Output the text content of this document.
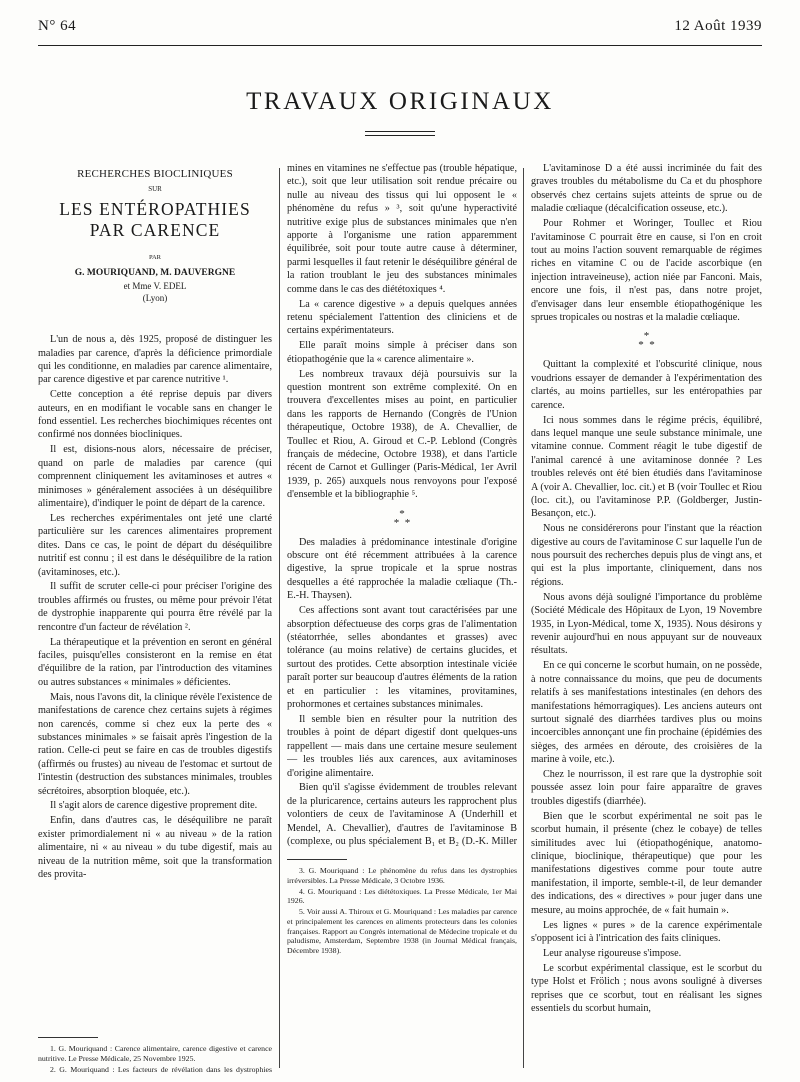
N° 64	12 Août 1939
TRAVAUX ORIGINAUX
RECHERCHES BIOCLINIQUES
SUR
LES ENTÉROPATHIES
PAR CARENCE
PAR
G. MOURIQUAND, M. DAUVERGNE
et Mme V. EDEL
(Lyon)

L'un de nous a, dès 1925, proposé de distinguer les maladies par carence, d'après la déficience primordiale qui les conditionne, en maladies par carence alimentaire, par carence digestive et par carence nutritive ¹.

Cette conception a été reprise depuis par divers auteurs, en en modifiant le vocable sans en changer le fond essentiel. Les recherches biochimiques récentes ont confirmé nos données biocliniques.

Il est, disions-nous alors, nécessaire de préciser, quand on parle de maladies par carence (qui comprennent cliniquement les avitaminoses et autres « minimoses » généralement associées à un déséquilibre alimentaire), d'indiquer le point de départ de la carence.

Les recherches expérimentales ont jeté une clarté particulière sur les carences alimentaires proprement dites. Dans ce cas, le point de départ du déséquilibre nutritif est connu ; il est dans le déséquilibre de la ration (avitaminoses, etc.).

Il suffit de scruter celle-ci pour préciser l'origine des troubles affirmés ou frustes, ou même pour prévoir l'état de dystrophie inapparente qui pourra être révélé par la rencontre d'un facteur de révélation ².

La thérapeutique et la prévention en seront en général faciles, puisqu'elles consisteront en la remise en état d'équilibre de la ration, par l'introduction des vitamines ou autres substances « minimales » déficientes.

Mais, nous l'avons dit, la clinique révèle l'existence de manifestations de carence chez certains sujets à régimes non carencés, comme si chez eux la perte des « substances minimales » se faisait après l'ingestion de la ration. Celle-ci peut se faire en cas de troubles digestifs (affirmés ou frustes) au niveau de l'estomac et surtout de l'intestin (destruction des substances minimales, troubles sécrétoires, absorption bloquée, etc.).

Il s'agit alors de carence digestive proprement dite.

Enfin, dans d'autres cas, le déséquilibre ne paraît exister primordialement ni « au niveau » de la ration alimentaire, ni « au niveau » du tube digestif, mais au niveau de la nutrition même, soit que la transformation des provita-

1. G. Mouriquand : Carence alimentaire, carence digestive et carence nutritive. Le Presse Médicale, 25 Novembre 1925.

2. G. Mouriquand : Les facteurs de révélation dans les dystrophies

mines en vitamines ne s'effectue pas (trouble hépatique, etc.), soit que leur utilisation soit rendue précaire ou nulle au niveau des tissus qui lui opposent le « phénomène du refus » ³, soit qu'une hyperactivité nutritive exige plus de substances minimales que n'en apporte à l'organisme une ration apparemment équilibrée, soit pour toute autre cause à déterminer, parmi lesquelles il faut retenir le déséquilibre général de la ration troublant le jeu des substances minimales comme dans le cas des diététoxiques ⁴.

La « carence digestive » a depuis quelques années retenu spécialement l'attention des cliniciens et de certains expérimentateurs.

Elle paraît moins simple à préciser dans son étiopathogénie que la « carence alimentaire ».

Les nombreux travaux déjà poursuivis sur la question montrent son extrême complexité. On en trouvera d'excellentes mises au point, en particulier dans les rapports de Hernando (Congrès de l'Union thérapeutique, Octobre 1938), de A. Chevallier, de Toullec et Riou, A. Giroud et C.-P. Leblond (Congrès français de médecine, Octobre 1938), et dans l'article récent de Carnot et Gullinger (Paris-Médical, 1er Avril 1939, p. 265) auxquels nous renvoyons pour l'exposé d'ensemble et la bibliographie ⁵.

*
*  *

Des maladies à prédominance intestinale d'origine obscure ont été récemment attribuées à la carence digestive, la sprue tropicale et la sprue nostras desquelles a été rapprochée la maladie cœliaque (Th.-E.-H. Thaysen).

Ces affections sont avant tout caractérisées par une absorption défectueuse des corps gras de l'alimentation (stéatorrhée, selles abondantes et grasses) avec tolérance (au moins relative) de certains glucides, et surtout des protides. Cette absorption intestinale viciée paraît porter sur beaucoup d'autres éléments de la ration et en particulier : les vitamines, provitamines, prohormones et certaines substances minimales.

Il semble bien en résulter pour la nutrition des troubles à point de départ digestif dont quelques-uns rappellent — mais dans une certaine mesure seulement — les troubles liés aux carences, aux avitaminoses d'origine alimentaire.

Bien qu'il s'agisse évidemment de troubles relevant de la pluricarence, certains auteurs les rapprochent plus volontiers de ceux de l'avitaminose A (Underhill et Mendel, A. Chevallier), d'autres de l'avitaminose B (complexe, ou plus spécialement B₁ et B₂ (D.-K. Miller

3. G. Mouriquand : Le phénomène du refus dans les dystrophies irréversibles. La Presse Médicale, 3 Octobre 1936.

4. G. Mouriquand : Les diététoxiques. La Presse Médicale, 1er Mai 1926.

5. Voir aussi A. Thiroux et G. Mouriquand : Les maladies par carence et principalement les carences en aliments protecteurs dans les colonies françaises. Rapport au Congrès international de Médecine tropicale et du paludisme, Amsterdam, Septembre 1938 (in Journal Médical français, Décembre 1938).

L'avitaminose D a été aussi incriminée du fait des graves troubles du métabolisme du Ca et du phosphore observés chez certains sujets atteints de sprue ou de maladie cœliaque (décalcification osseuse, etc.).

Pour Rohmer et Woringer, Toullec et Riou l'avitaminose C pourrait être en cause, si l'on en croit tout au moins l'action souvent remarquable de régimes riches en vitamine C ou de l'acide ascorbique (en injection intraveineuse), action niée par Fanconi. Mais, encore une fois, il n'est pas, dans notre projet, d'envisager dans leur ensemble étiopathogénique les sprues tropicales ou nostras et la maladie cœliaque.

*
*  *

Quittant la complexité et l'obscurité clinique, nous voudrions essayer de demander à l'expérimentation des clartés, au moins partielles, sur les entéropathies par carence.

Ici nous sommes dans le régime précis, équilibré, dans lequel manque une seule substance minimale, une vitamine connue. Comment réagit le tube digestif de l'animal carencé à une avitaminose donnée ? Les troubles relevés ont été bien étudiés dans l'avitaminose A (voir A. Chevallier, loc. cit.) et B (voir Toullec et Riou (loc. cit.), ou l'avitaminose P.P. (Goldberger, Justin-Besançon, etc.).

Nous ne considérerons pour l'instant que la réaction digestive au cours de l'avitaminose C sur laquelle l'un de nous poursuit des recherches depuis plus de vingt ans, et qui est la plus importante, cliniquement, dans nos régions.

Nous avons déjà souligné l'importance du problème (Société Médicale des Hôpitaux de Lyon, 19 Novembre 1935, in Lyon-Médical, tome X, 1935). Nous désirons y revenir aujourd'hui en nous appuyant sur de nouveaux résultats.

En ce qui concerne le scorbut humain, on ne possède, à notre connaissance du moins, que peu de documents relatifs à ses manifestations intestinales (en dehors des manifestations hémorragiques). Les anciens auteurs ont surtout signalé des diarrhées tardives plus ou moins incoercibles annonçant une fin prochaine (épidémies des sièges, des armées en déroute, des croisières de la marine à voile, etc.).

Chez le nourrisson, il est rare que la dystrophie soit poussée assez loin pour faire apparaître de graves troubles digestifs (diarrhée).

Bien que le scorbut expérimental ne soit pas le scorbut humain, il présente (chez le cobaye) de telles similitudes avec lui (étiopathogénique, anatomo-clinique, bioclinique, thérapeutique) que pour les manifestations digestives comme pour toute autre manifestation, il importe, semble-t-il, de leur demander des indications, des « directives » pour juger dans une mesure, au moins approchée, de « fait humain ».

Les lignes « pures » de la carence expérimentale s'opposent ici à l'intrication des faits cliniques.

Leur analyse rigoureuse s'impose.

Le scorbut expérimental classique, est le scorbut du type Holst et Frölich ; nous avons souligné à diverses reprises que ce scorbut, tout en réalisant les signes essentiels du scorbut humain,
